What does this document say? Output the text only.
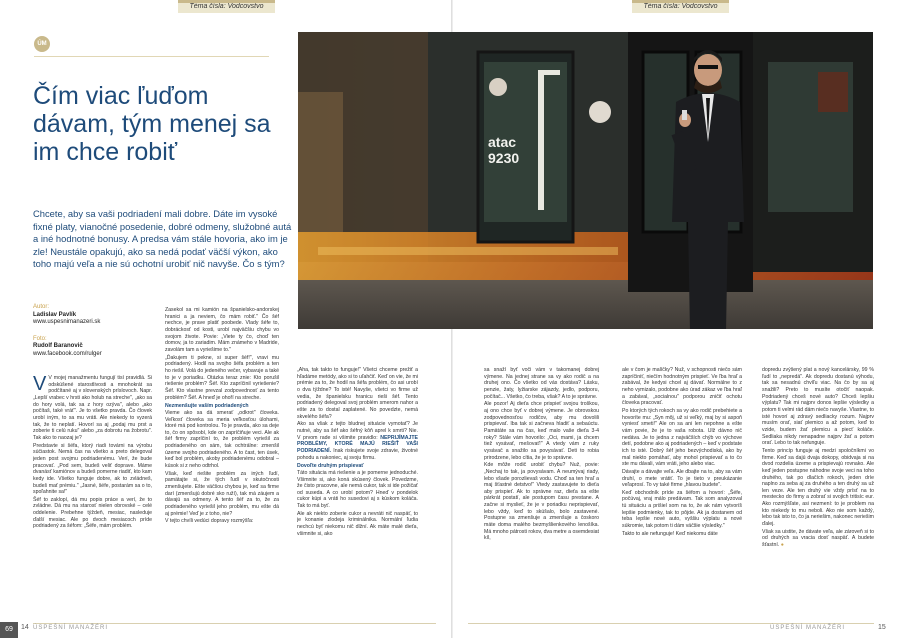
Téma čísla: Vodcovstvo	Téma čísla: Vodcovstvo
ÚM
Čím viac ľuďom dávam, tým menej sa im chce robiť	atac 9230

Chcete, aby sa vaši podriadení mali dobre. Dáte im vysoké fixné platy, vianočné posedenie, dobré odmeny, služobné autá a iné hodnotné bonusy. A predsa vám stále hovoria, ako im je zle! Neustále opakujú, ako sa nedá podať väčší výkon, ako toho majú veľa a nie sú ochotní urobiť nič navyše. Čo s tým?

Autor:
Ladislav Pavlík
www.uspesnimanazeri.sk
Foto:
Rudolf Baranovič
www.facebook.com/rulger

V V mojej manažmentu fungují tisí pravidlá. Si odskúšené starostlivosti a mnohokrát sa podčítané aj v slovenských príslovoch. Napr. „Lepší vrabec v hrsti ako holub na streche", „ako sa do hory volá, tak sa z hory ozýva", alebo „ako počítaš, také vráť". Je to všetko pravda. Čo človek urobí iným, to sa mu vráti. Ale niekedy to vyzerá tak, že to neplatí. Hovorí sa aj „podaj mu prst a zoberie ti celú ruku" alebo „za dobrotu na žobrotu". Tak ako to naozaj je?

Predstavte si šéfa, ktorý riadi továrni na výrobu súčiastok. Nemá čas na všetko a preto delegoval jeden post svojmu podriadenému. Verí, že bude pracovať. „Pod sem, budeš veliť doprave. Máme dvanásť kamiónov a budeš pomerne riadiť, kto kam kedy ide. Všetko funguje dobre, ak to zvládneš, budeš mať prémiu." „Jasné, šéfe, postarám sa o to, spoľahnite sa!"

Šéf to zaklopí, dá mu popis práce a verí, že to zvládne. Dá mu na starosť nielen obrovské – celé oddelenie. Prebehne týždeň, mesiac, nasleduje ďalší mesiac. Ale po dvoch mesiacoch príde podriadený za šéfom: „Šéfe, mám problém.

Zasekol sa mi kamión na španielsko-andorskej hranici a ja neviem, čo mám robiť." Čo šéf nechce, je prave platiť poobede. Vlady šéfe to, dobráckosť od kosti, urobí najväčšiu chybu vo svojom živote. Povie: „Viete ty čo, choď ten domov, ja to zariadim. Mám známeho v Madride, zavolám tam a vyriešime to."

„Ďakujem ti pekne, si super šéf!", vravi mu podriadený. Hodil na svojho šéfa problém a ten ho riešil. Volá do jedeného večer, vybavuje a také to je v poriadku. Otázka teraz znie: Kto porušil riešenie problém? Šéf. Kto zapríčinil vyriešenie? Šéf. Kto vlastne prevzal zodpovednosť za tento problém? Šéf. A hneď je ohoří na streche.

Nezmenšujte vaším podriadených

Vieme ako sa dá smerať „odkrot" človeka. Veľkosť človeka sa meria veľkosťou úlohami, ktoré má pod kontrolou. To je pravda, ako sa deje to, čo on spôsobí, kde on zapríčiňuje veci. Ale ak šéf firmy zapríčiní to, že problém vyriešil za podriadeného on sám, tak ochtrálne: zmenšil územe svojho podriadeného. A to čast, ten úsek, keď bol problém, akoby podriadenému odobral – kúsok si z neho odtrhol.

Však, keď riešite problém za iných ľudí, pamätajte si, že tých ľudí v skutočnosti zmenšujete. Ešte väčšou chybou je, keď sa firme darí (zmenšujú dobré sko ruží), tak má záujem a dávajú sa odmeny. A tento šéf za to, že za podriadeného vyriešil jeho problém, mu ešte dá aj prémie! Veď je z toho, nie?

V tejto chvíli vedúci dopravy rozmýšľa:

„Aha, tak takto to funguje!" Všetci chceme prežiť a hľadáme metódy, ako si to uľahčiť. Keď on vie, že mi prémie za to, že hodil na šéfa problém, čo asi urobí o dva týždne? To isté! Navyše, všetci vo firme už vedia, že španielsku hranicu rieši šéf. Tento podriadený delegoval svoj problém smerom nahor a ešte za to dostal zaplatené. No povedzte, nemá skvelého šéfa?

Ako sa však z tejto bludnej situácie vymotať? Je nutné, aby sa šéf ako šéfný kôň aprel k smrti? Nie. V prvom rade si všimite pravidlo: NEPRIJÍMAJTE PROBLÉMY, KTORÉ MAJÚ RIEŠIŤ VAŠI PODRIADENÍ. Inak riskujete svoje zdravie, životné pohodu a nakoniec, aj svoju firmu.

Dovoľte druhým prispievať

Táto situácia má riešenie a je pomerne jednoduché. Všimnite si, ako koná skúsený človek. Povedzme, že čisto pracovne, ale nemá cukor, tak si ide požičať od suseda. A co urobí potom? Hneď v pondelok cukor kúpi a vráti ho susedovi aj s kúskom koláča. Tak to má byť.

Ale ak niekto zoberie cukor a nevráti nič naspäť, to je konanie zlodeja kriminálnika. Normální ľudia nechcú byť niekomu nič dlžní. Ak máte malé dieťa, všimnite si, ako

sa snaží byť voči vám v takomanej dobrej výmene. Na jednej strane sa vy ako rodič a na druhej ono. Čo všetko od vás dostáva? Lásku, penzie, žaty, lyžiarske zájazdy, jedlo, podporu, počítač... Všetko, čo treba, však? A to je správne.

Ale pozor! Aj dieťa chce prispieť svojou troškou, aj ono chce byť v dobrej výmene. Je obrovskou zodpovednosťou rodičov, aby mu dovolili prispievať. Iba tak si začneva hladiť a sebaúctu. Pamätáte sa na čas, keď malo vaše dieťa 3-4 roky? Stále vám hovorilo: „Oci, mami, ja chcem tiež vysávať, mešovať!" A vtedy vám z ruky vysávač a snažilo sa povysávať. Deti to robia prirodzene, lebo cítia, že je to správne.

Kde môže rodič urobiť chybu? Nuž, povie: „Nechaj to tak, ja povysávam. A neumývaj riady, lebo všade porozlievaš vodu. Choď sa ten hraľ a maj šťastné detstvo!" Vtedy zastavujete to dieťa aby prispieť. Ak to správne raz, dieťa sa ešte párkrát postatí, ale postupom času prestane. A začne si myslieť, že je v poriadku neprispievať, lebo vždy, keď to skúšalo, bolo zastavené. Postupne sa zmenšuje a zmenšuje a čoskoro máte doma malého bezmyšlienkového lenošíka. Má mnoho pátrosti rokov, dva metre a osemdesiat kíl,

ale v čom je malíčky? Nuž, v schopnosti niečo sám zapríčiniť, niečím hodnotným prispieť. Ve ľba hraľ a zabával, že kedysi chcel aj dávať. Normálne to z neho vymizalo, podobne ako úrad zákaz ve ľba hraľ a zabával, „socialnou" podporou zničiť ochotu človeka pracovať.

Po ktorých tých rokoch sa vy ako rodič prebehiete a hovoríte mu: „Syn môj, už si veľký, maj by si aspoň vyniesť smeti!" Ale on sa ani len nepohne a ešte vám povie, že je to vaša robota. Ulž dávno nič nedáva. Je to jedna z najväčších chýb vo výchove detí, podobne ako aj podriadených – keď v podstate ich to isté. Dobrý šéf jeho bezvýchodiská, ako by mal niekto pomáhať, aby mohol prispievať a to čo ste mu dávali, vám vráti, jeho alebo viac.

Dávajte a dávajte veľa. Ale dbajte na to, aby sa vám druhí, o mete vrátiť. To je tieto v preukázanie veľaprosí. To vy také firme „hlavou budete".

Keď obchodník príde za šéfom a hovorí: „Šéfe, počúvaj, vraj málo predávam. Tak som analyzoval tú situáciu a prišiel som na to, že ak nám vytvoríš lepšie podmienky, tak to pôjde. Ak ja dostanem od teba lepšie nové auto, vyššiu výplatu a nové súkromie, tak potom ti dám väčšie výsledky."

Takto to ale nefunguje! Keď niekomu dáte

dopredu zvýšený plat a nový kancelársky, 99 % ľudí to „nepredá". Ak dopredu dostanú výhodu, tak sa nesadnú chvíľu viac. Na čo by sa aj snažili? Preto to musíte otočiť naopak. Podriadený chceš nové auto? Chceš lepšiu výplatu? Tak mi najprv donos lepšie výsledky a potom ti velmi rád dám niečo navyše. Vlastne, to isté hovorí aj zdravý sedliacky rozum. Najprv musím orať, siať plemico a až potom, keď to vzide, budem žať plemicu a piecť koláče. Sedliaka nikdy nenapadne najprv žať a potom orať. Lebo to tak nefunguje.

Tento princíp funguje aj medzi spoločníkmi vo firme. Keď sa dajú dvaja dokopy, obidvaja si na dvod rozdelia územe a prispievajú rovnako. Ale keď jeden postupne náhodne svoje veci na toho druhého, tak po dlačích rokoch, jeden dríe naplno za seba aj za druhého a ten druhý sa už len veze. Ale ten druhý vie vždy prísť na to mestecko do firmy a zobrať si svojich tritisíc eur. Ako rozmýšľate, asi nezmení: to je problem na kto niekedy to mu neboli. Ako nie som každý, lebo tak isto to, čo ja neriešim, nakonec neriešim ďalej.

Však sa uistite, že dávate veľa, ale zároveň si to od druhých sa vracia dosť naspäť. A budete šťastní. ●

14 ÚSPEŠNÍ MANAŽÉRI	ÚSPEŠNÍ MANAŽÉRI	15
69
